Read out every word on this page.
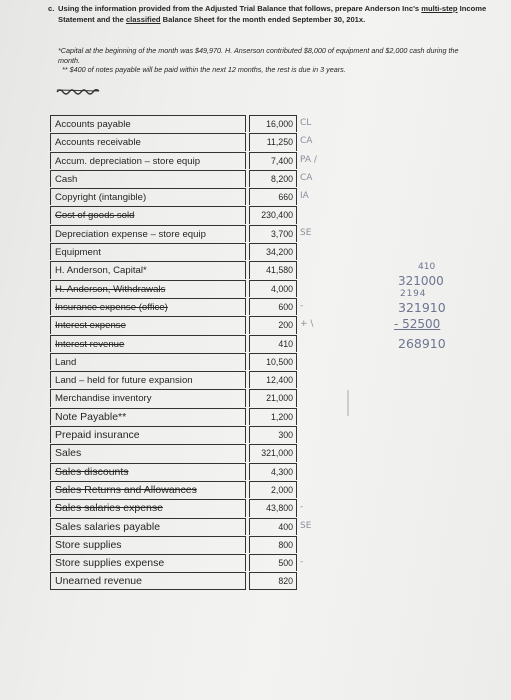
c. Using the information provided from the Adjusted Trial Balance that follows, prepare Anderson Inc's multi-step Income Statement and the classified Balance Sheet for the month ended September 30, 201x.
*Capital at the beginning of the month was $49,970. H. Anserson contributed $8,000 of equipment and $2,000 cash during the month.
** $400 of notes payable will be paid within the next 12 months, the rest is due in 3 years.
Accounts payable	16,000 CL
Accounts receivable	11,250 CA
Accum. depreciation – store equip	7,400 PA /
Cash	8,200 CA
Copyright (intangible)	660 IA
Cost of goods sold	230,400
Depreciation expense – store equip	3,700 SE
Equipment	34,200
H. Anderson, Capital*	41,580
H. Anderson, Withdrawals	4,000
Insurance expense (office)	600 -
Interest expense	200 + \
Interest revenue	410
Land	10,500
Land – held for future expansion	12,400
Merchandise inventory	21,000
Note Payable**	1,200
Prepaid insurance	300
Sales	321,000
Sales discounts	4,300
Sales Returns and Allowances	2,000
Sales salaries expense	43,800 -
Sales salaries payable	400 SE
Store supplies	800
Store supplies expense	500 -
Unearned revenue	820
410
321000
2 1 9 4
321910
- 52500
268910
